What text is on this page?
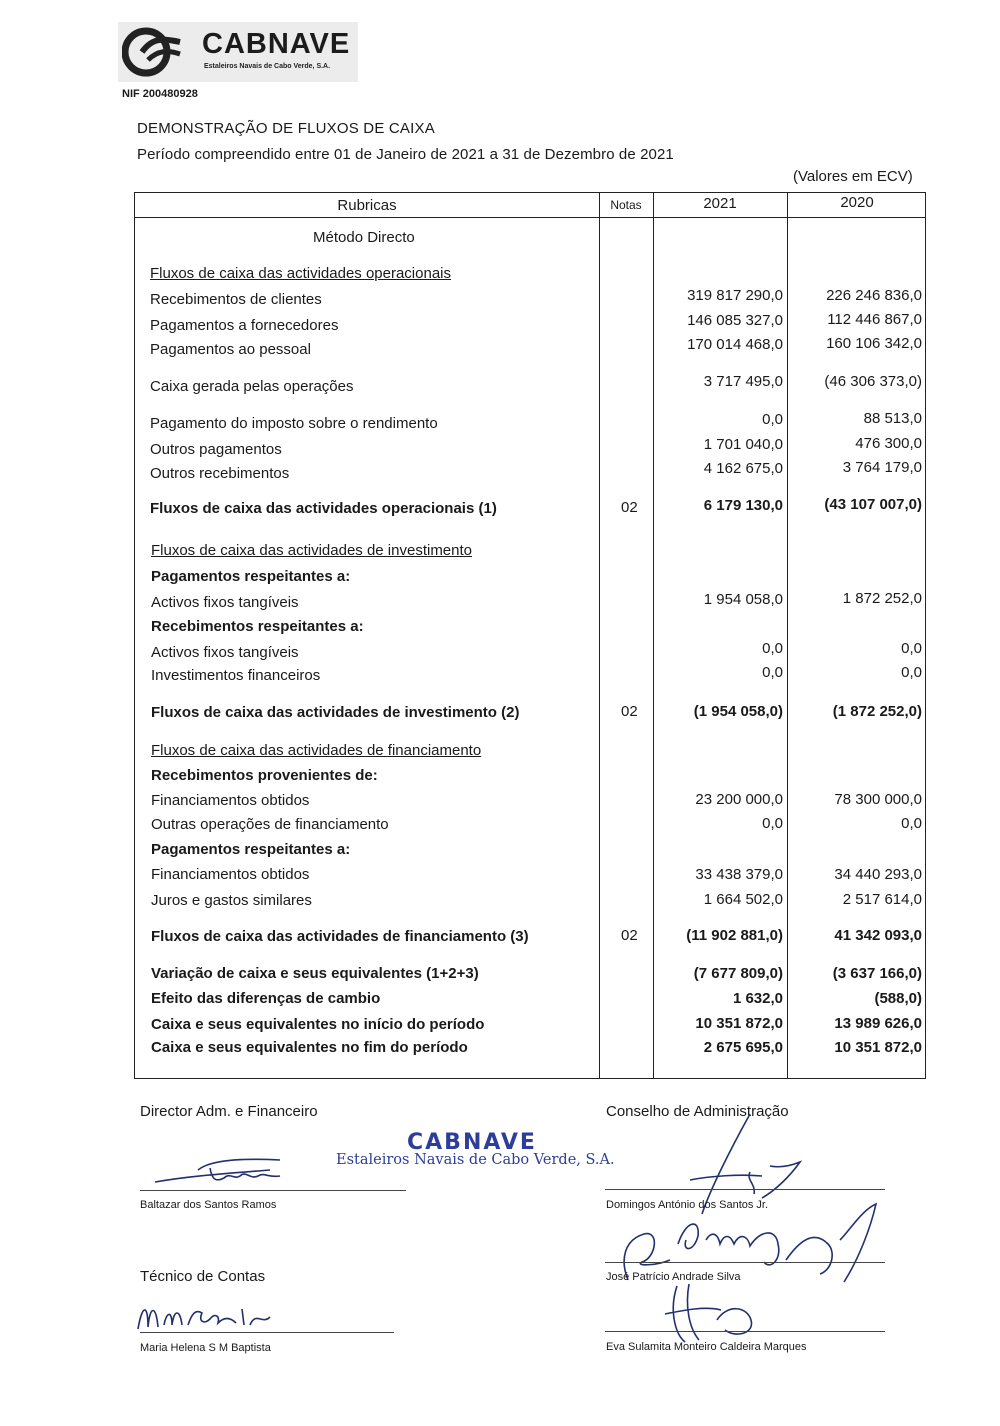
CABNAVE
Estaleiros Navais de Cabo Verde, S.A.
NIF 200480928
DEMONSTRAÇÃO DE FLUXOS DE CAIXA
Período compreendido entre 01 de Janeiro de 2021 a 31 de Dezembro de 2021
(Valores em ECV)
Rubricas	Notas	2021	2020
Método Directo
Fluxos de caixa das actividades operacionais
Recebimentos de clientes	319 817 290,0	226 246 836,0
Pagamentos a fornecedores	146 085 327,0	112 446 867,0
Pagamentos ao pessoal	170 014 468,0	160 106 342,0
Caixa gerada pelas operações	3 717 495,0	(46 306 373,0)
Pagamento do imposto sobre o rendimento	0,0	88 513,0
Outros pagamentos	1 701 040,0	476 300,0
Outros recebimentos	4 162 675,0	3 764 179,0
Fluxos de caixa das actividades operacionais (1)	02	6 179 130,0	(43 107 007,0)
Fluxos de caixa das actividades de investimento
Pagamentos respeitantes a:
Activos fixos tangíveis	1 954 058,0	1 872 252,0
Recebimentos respeitantes a:
Activos fixos tangíveis	0,0	0,0
Investimentos financeiros	0,0	0,0
Fluxos de caixa das actividades de investimento (2)	02	(1 954 058,0)	(1 872 252,0)
Fluxos de caixa das actividades de financiamento
Recebimentos provenientes de:
Financiamentos obtidos	23 200 000,0	78 300 000,0
Outras operações de financiamento	0,0	0,0
Pagamentos respeitantes a:
Financiamentos obtidos	33 438 379,0	34 440 293,0
Juros e gastos similares	1 664 502,0	2 517 614,0
Fluxos de caixa das actividades de financiamento (3)	02	(11 902 881,0)	41 342 093,0
Variação de caixa e seus equivalentes (1+2+3)	(7 677 809,0)	(3 637 166,0)
Efeito das diferenças de cambio	1 632,0	(588,0)
Caixa e seus equivalentes no início do período	10 351 872,0	13 989 626,0
Caixa e seus equivalentes no fim do período	2 675 695,0	10 351 872,0
Director Adm. e Financeiro
Baltazar dos Santos Ramos
Técnico de Contas
Maria Helena S M Baptista
CABNAVE
Estaleiros Navais de Cabo Verde, S.A.
Conselho de Administração
Domingos António dos Santos Jr.
José Patrício Andrade Silva
Eva Sulamita Monteiro Caldeira Marques
